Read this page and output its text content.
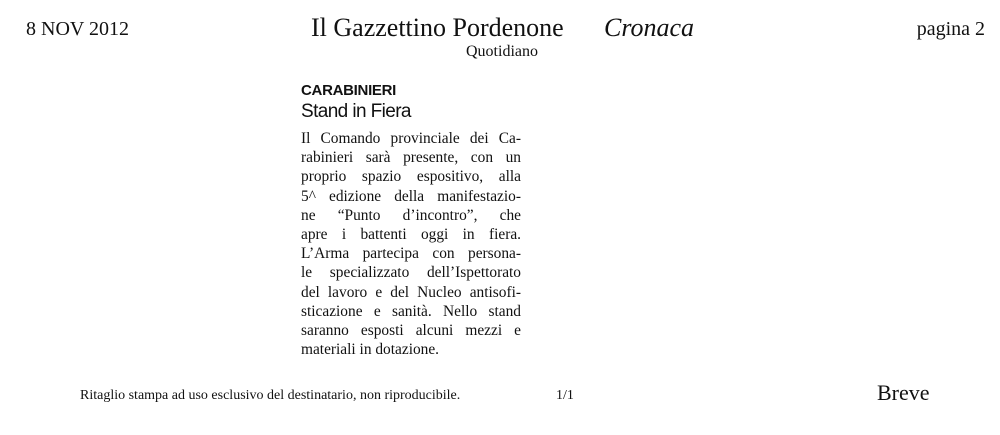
8 NOV 2012	Il Gazzettino Pordenone Cronaca
Quotidiano
pagina 2
CARABINIERI
Stand in Fiera
Il Comando provinciale dei Ca-
rabinieri sarà presente, con un
proprio spazio espositivo, alla
5^ edizione della manifestazio-
ne “Punto d’incontro”, che
apre i battenti oggi in fiera.
L’Arma partecipa con persona-
le specializzato dell’Ispettorato
del lavoro e del Nucleo antisofi-
sticazione e sanità. Nello stand
saranno esposti alcuni mezzi e
materiali in dotazione.
Ritaglio stampa ad uso esclusivo del destinatario, non riproducibile.	1/1	Breve
